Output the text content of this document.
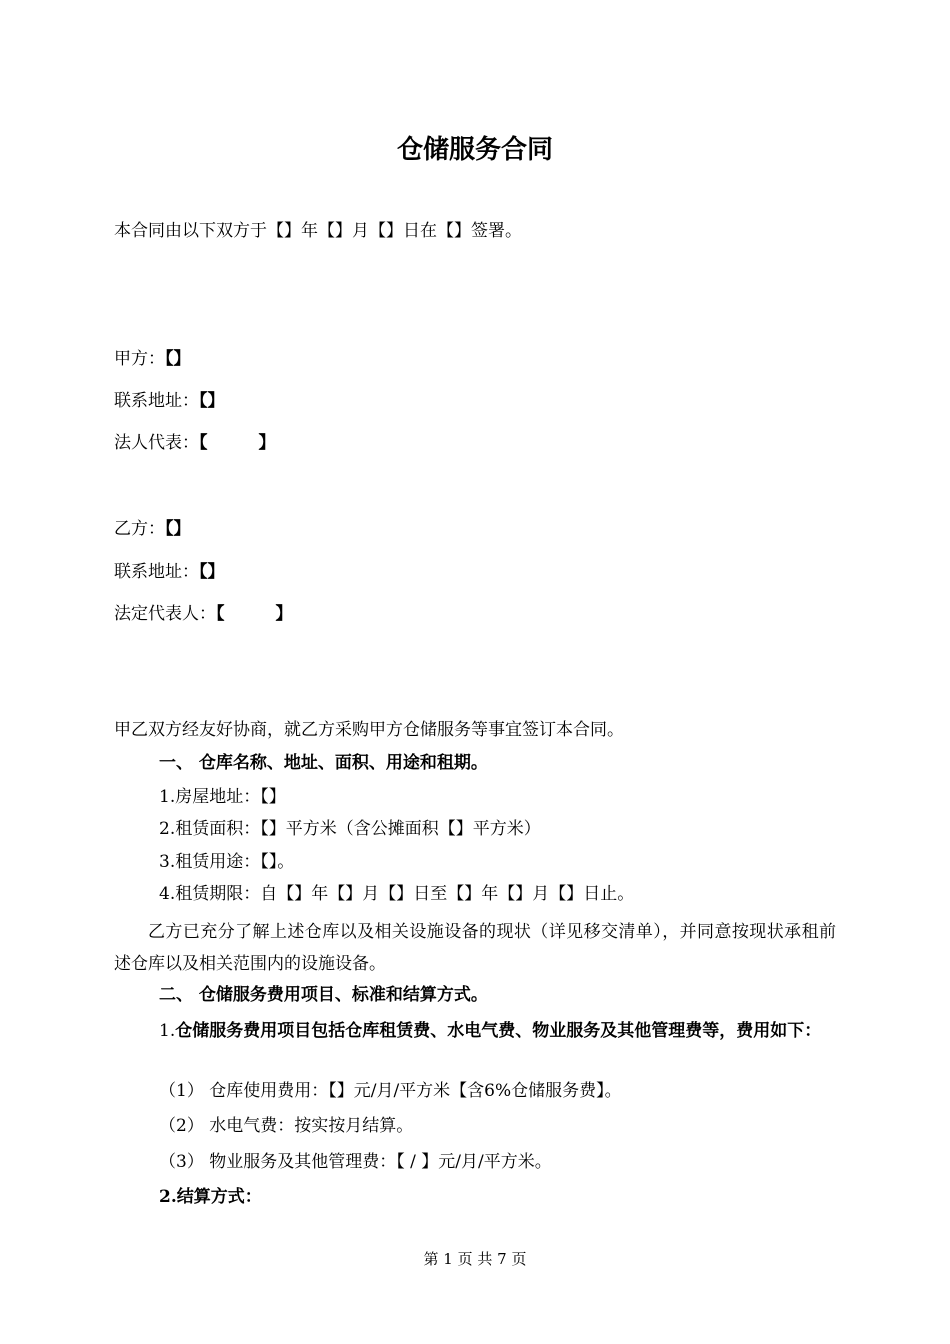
仓储服务合同
本合同由以下双方于【】年【】月【】日在【】签署。
甲方：【】
联系地址：【】
法人代表：【　　　】
乙方：【】
联系地址：【】
法定代表人：【　　　】
甲乙双方经友好协商，就乙方采购甲方仓储服务等事宜签订本合同。
一、 仓库名称、地址、面积、用途和租期。
1.房屋地址：【】
2.租赁面积：【】平方米（含公摊面积【】平方米）
3.租赁用途：【】。
4.租赁期限：自【】年【】月【】日至【】年【】月【】日止。
乙方已充分了解上述仓库以及相关设施设备的现状（详见移交清单），并同意按现状承租前述仓库以及相关范围内的设施设备。
二、 仓储服务费用项目、标准和结算方式。
1.仓储服务费用项目包括仓库租赁费、水电气费、物业服务及其他管理费等，费用如下：
（1） 仓库使用费用：【】元/月/平方米【含6%仓储服务费】。
（2） 水电气费：按实按月结算。
（3） 物业服务及其他管理费：【 / 】元/月/平方米。
2.结算方式：
第 1 页 共 7 页
